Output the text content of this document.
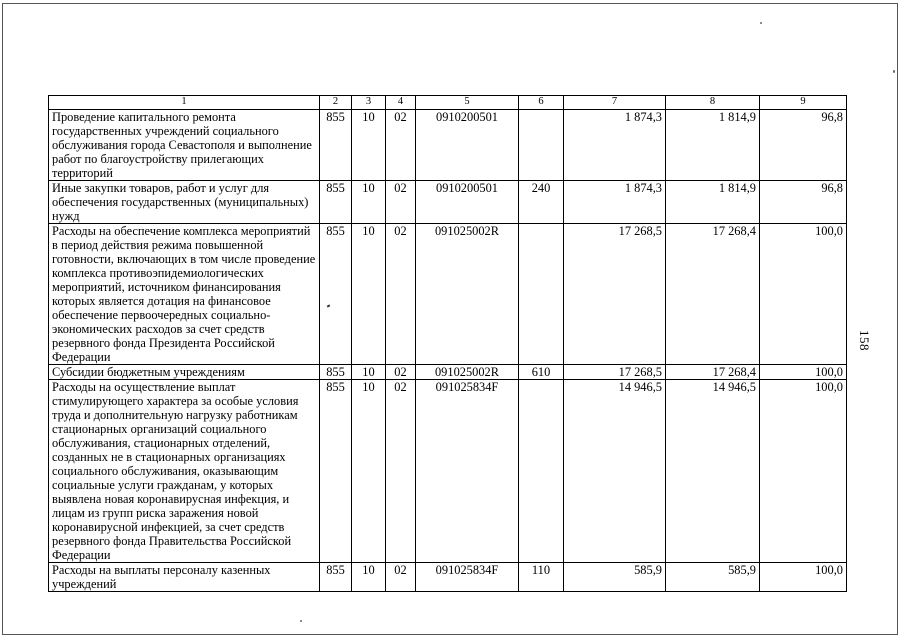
1	2	3	4	5	6	7	8	9
Проведение капитального ремонта государственных учреждений социального обслуживания города Севастополя и выполнение работ по благоустройству прилегающих территорий	855	10	02	0910200501		1 874,3	1 814,9	96,8
Иные закупки товаров, работ и услуг для обеспечения государственных (муниципальных) нужд	855	10	02	0910200501	240	1 874,3	1 814,9	96,8
Расходы на обеспечение комплекса мероприятий в период действия режима повышенной готовности, включающих в том числе проведение комплекса противоэпидемиологических мероприятий, источником финансирования которых является дотация на финансовое обеспечение первоочередных социально-экономических расходов за счет средств резервного фонда Президента Российской Федерации	855	10	02	091025002R		17 268,5	17 268,4	100,0
Субсидии бюджетным учреждениям	855	10	02	091025002R	610	17 268,5	17 268,4	100,0
Расходы на осуществление выплат стимулирующего характера за особые условия труда и дополнительную нагрузку работникам стационарных организаций социального обслуживания, стационарных отделений, созданных не в стационарных организациях социального обслуживания, оказывающим социальные услуги гражданам, у которых выявлена новая коронавирусная инфекция, и лицам из групп риска заражения новой коронавирусной инфекцией, за счет средств резервного фонда Правительства Российской Федерации	855	10	02	091025834F		14 946,5	14 946,5	100,0
Расходы на выплаты персоналу казенных учреждений	855	10	02	091025834F	110	585,9	585,9	100,0
158
